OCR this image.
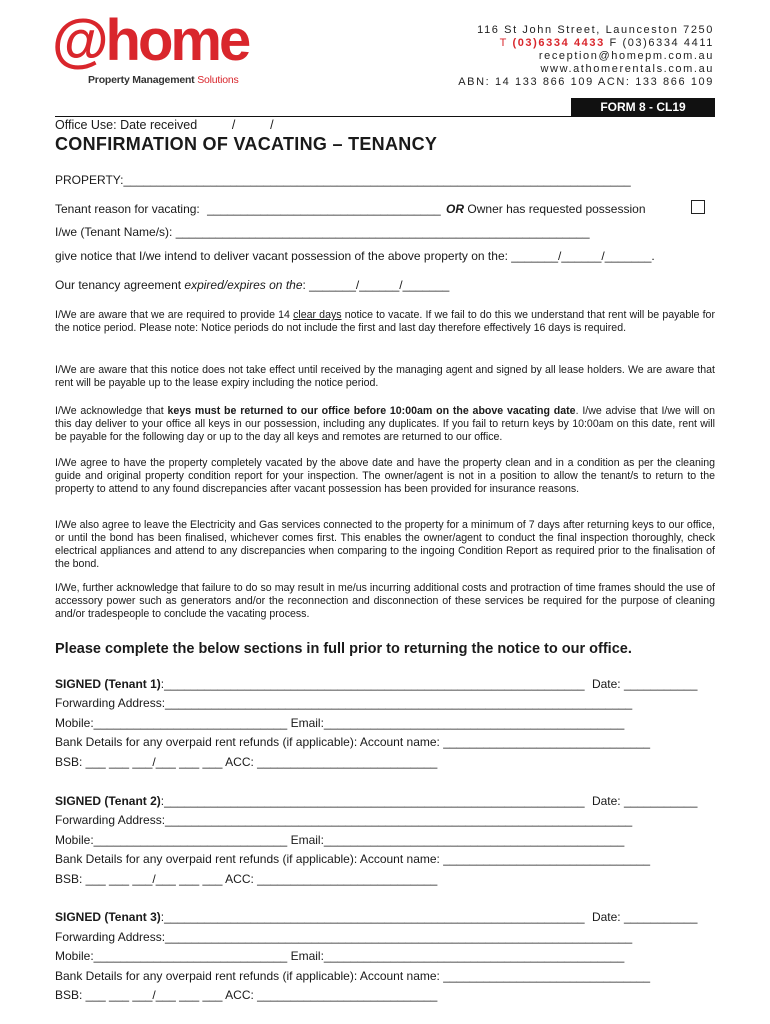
@home
Property Management Solutions
116 St John Street, Launceston 7250
T (03)6334 4433 F (03)6334 4411
reception@homepm.com.au
www.athomerentals.com.au
ABN: 14 133 866 109 ACN: 133 866 109
FORM 8 - CL19
Office Use: Date received          /          /
CONFIRMATION OF VACATING – TENANCY
PROPERTY:____________________________________________________________________________
Tenant reason for vacating: ___________________________________ OR Owner has requested possession
I/we (Tenant Name/s): ______________________________________________________________
give notice that I/we intend to deliver vacant possession of the above property on the: _______/______/_______.
Our tenancy agreement expired/expires on the: _______/______/_______
I/We are aware that we are required to provide 14 clear days notice to vacate. If we fail to do this we understand that rent will be payable for the notice period. Please note: Notice periods do not include the first and last day therefore effectively 16 days is required.
I/We are aware that this notice does not take effect until received by the managing agent and signed by all lease holders. We are aware that rent will be payable up to the lease expiry including the notice period.
I/We acknowledge that keys must be returned to our office before 10:00am on the above vacating date. I/we advise that I/we will on this day deliver to your office all keys in our possession, including any duplicates. If you fail to return keys by 10:00am on this date, rent will be payable for the following day or up to the day all keys and remotes are returned to our office.
I/We agree to have the property completely vacated by the above date and have the property clean and in a condition as per the cleaning guide and original property condition report for your inspection. The owner/agent is not in a position to allow the tenant/s to return to the property to attend to any found discrepancies after vacant possession has been provided for insurance reasons.
I/We also agree to leave the Electricity and Gas services connected to the property for a minimum of 7 days after returning keys to our office, or until the bond has been finalised, whichever comes first. This enables the owner/agent to conduct the final inspection thoroughly, check electrical appliances and attend to any discrepancies when comparing to the ingoing Condition Report as required prior to the finalisation of the bond.
I/We, further acknowledge that failure to do so may result in me/us incurring additional costs and protraction of time frames should the use of accessory power such as generators and/or the reconnection and disconnection of these services be required for the purpose of cleaning and/or tradespeople to conclude the vacating process.
Please complete the below sections in full prior to returning the notice to our office.
SIGNED (Tenant 1):_______________________________________________________________ Date: ___________
Forwarding Address:______________________________________________________________________
Mobile:_____________________________ Email:_____________________________________________
Bank Details for any overpaid rent refunds (if applicable): Account name: _______________________________
BSB: ___ ___ ___/___ ___ ___ ACC: ___________________________
SIGNED (Tenant 2):_______________________________________________________________ Date: ___________
Forwarding Address:______________________________________________________________________
Mobile:_____________________________ Email:_____________________________________________
Bank Details for any overpaid rent refunds (if applicable): Account name: _______________________________
BSB: ___ ___ ___/___ ___ ___ ACC: ___________________________
SIGNED (Tenant 3):_______________________________________________________________ Date: ___________
Forwarding Address:______________________________________________________________________
Mobile:_____________________________ Email:_____________________________________________
Bank Details for any overpaid rent refunds (if applicable): Account name: _______________________________
BSB: ___ ___ ___/___ ___ ___ ACC: ___________________________
